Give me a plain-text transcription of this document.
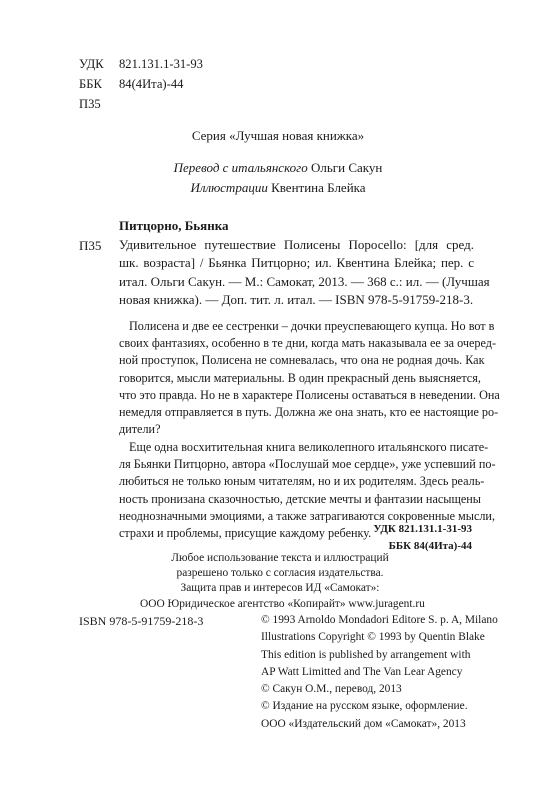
УДК 821.131.1-31-93
ББК 84(4Ита)-44
П35
Серия «Лучшая новая книжка»
Перевод с итальянского Ольги Сакун
Иллюстрации Квентина Блейка
Питцорно, Бьянка
П35 Удивительное путешествие Полисены Поросello: [для сред.
шк. возраста] / Бьянка Питцорно; ил. Квентина Блейка; пер. с
итал. Ольги Сакун. — М.: Самокат, 2013. — 368 с.: ил. — (Лучшая
новая книжка). — Доп. тит. л. итал. — ISBN 978-5-91759-218-3.
Полисена и две ее сестренки – дочки преуспевающего купца. Но вот в
своих фантазиях, особенно в те дни, когда мать наказывала ее за очеред-
ной проступок, Полисена не сомневалась, что она не родная дочь. Как
говорится, мысли материальны. В один прекрасный день выясняется,
что это правда. Но не в характере Полисены оставаться в неведении. Она
немедля отправляется в путь. Должна же она знать, кто ее настоящие ро-
дители?
Еще одна восхитительная книга великолепного итальянского писате-
ля Бьянки Питцорно, автора «Послушай мое сердце», уже успевший по-
любиться не только юным читателям, но и их родителям. Здесь реаль-
ность пронизана сказочностью, детские мечты и фантазии насыщены
неоднозначными эмоциями, а также затрагиваются сокровенные мысли,
страхи и проблемы, присущие каждому ребенку. УДК 821.131.1-31-93
ББК 84(4Ита)-44
Любое использование текста и иллюстраций
разрешено только с согласия издательства.
Защита прав и интересов ИД «Самокат»:
ООО Юридическое агентство «Копирайт» www.juragent.ru
ISBN 978-5-91759-218-3	© 1993 Arnoldo Mondadori Editore S. p. A, Milano
Illustrations Copyright © 1993 by Quentin Blake
This edition is published by arrangement with
AP Watt Limitted and The Van Lear Agency
© Сакун О.М., перевод, 2013
© Издание на русском языке, оформление.
ООО «Издательский дом «Самокат», 2013
